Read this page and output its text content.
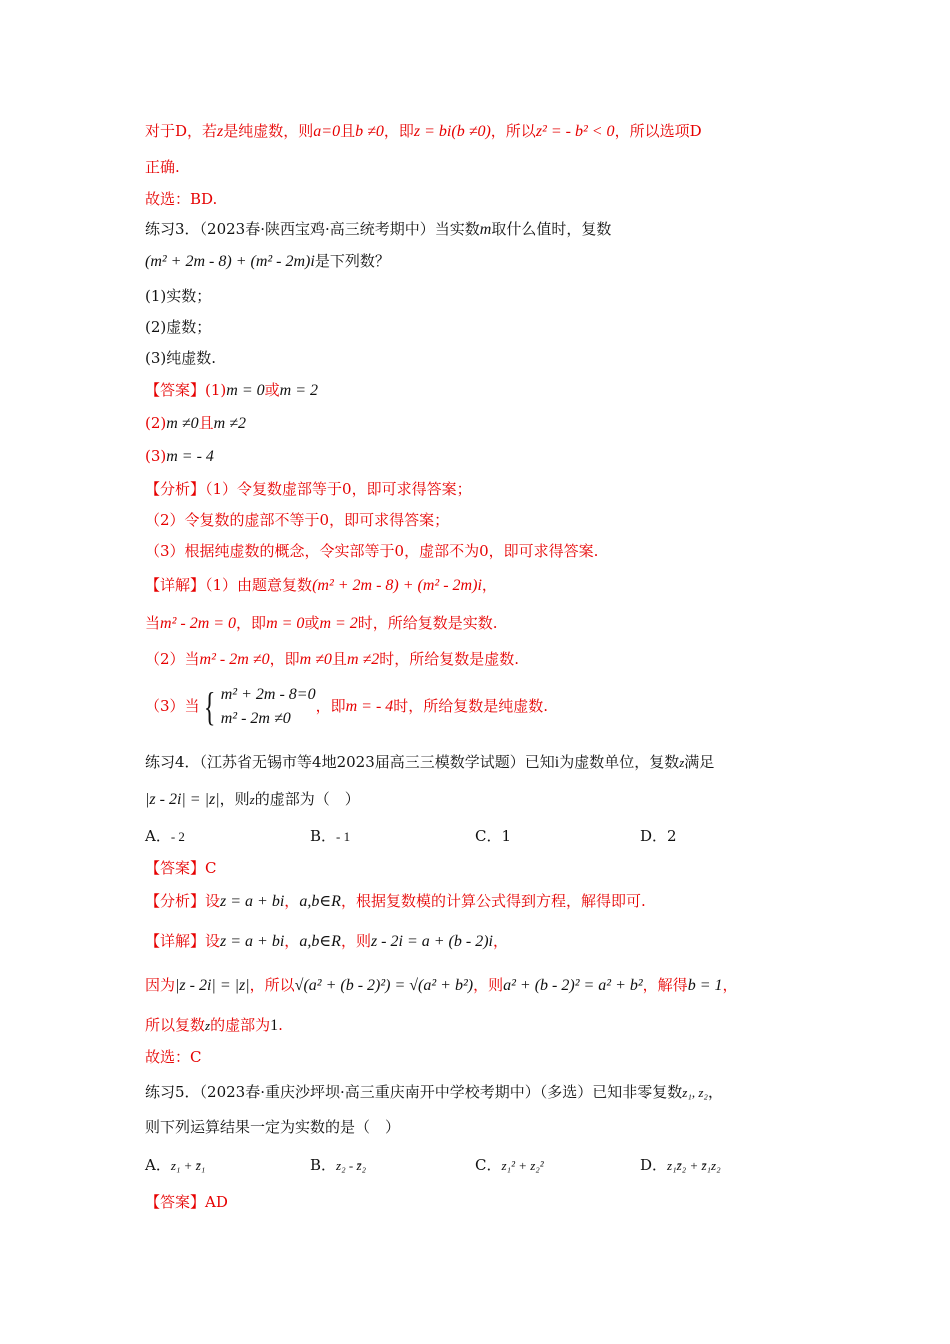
对于D，若z是纯虚数，则a=0且b ≠0，即z = bi(b ≠0)，所以z² = - b² < 0，所以选项D
正确.
故选：BD.
练习3．（2023春·陕西宝鸡·高三统考期中）当实数m取什么值时，复数
(m² + 2m - 8) + (m² - 2m)i是下列数？
(1)实数；
(2)虚数；
(3)纯虚数.
【答案】(1)m = 0或m = 2
(2)m ≠0且m ≠2
(3)m = - 4
【分析】（1）令复数虚部等于0，即可求得答案；
（2）令复数的虚部不等于0，即可求得答案；
（3）根据纯虚数的概念，令实部等于0，虚部不为0，即可求得答案.
【详解】（1）由题意复数(m² + 2m - 8) + (m² - 2m)i，
当m² - 2m = 0，即m = 0或m = 2时，所给复数是实数.
（2）当m² - 2m ≠0，即m ≠0且m ≠2时，所给复数是虚数.
（3）当{ m² + 2m - 8=0
m² - 2m ≠0
，即m = - 4时，所给复数是纯虚数.
练习4．（江苏省无锡市等4地2023届高三三模数学试题）已知i为虚数单位，复数z满足
|z - 2i| = |z|，则z的虚部为（　）
A．- 2	B．- 1	C．1	D．2
【答案】C
【分析】设z = a + bi，a,b∈R，根据复数模的计算公式得到方程，解得即可.
【详解】设z = a + bi，a,b∈R，则z - 2i = a + (b - 2)i，
因为|z - 2i| = |z|，所以√(a² + (b - 2)²) = √(a² + b²)，则a² + (b - 2)² = a² + b²，解得b = 1，
所以复数z的虚部为1.
故选：C
练习5．（2023春·重庆沙坪坝·高三重庆南开中学校考期中）（多选）已知非零复数z₁, z₂，
则下列运算结果一定为实数的是（　）
A．z₁ + z̄₁	B．z₂ - z̄₂	C．z₁² + z₂²	D．z₁z̄₂ + z̄₁z₂
【答案】AD
